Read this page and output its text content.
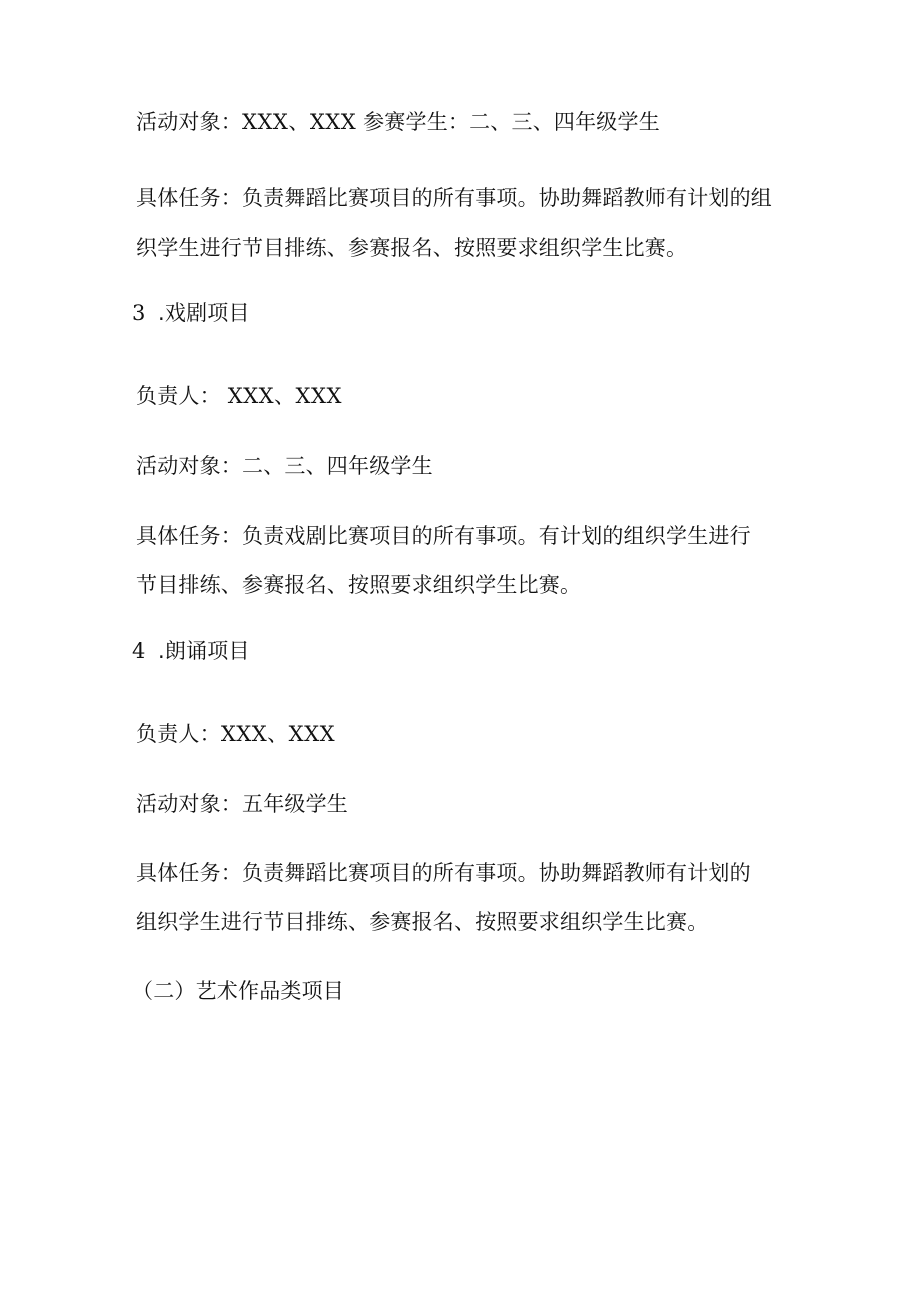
活动对象：XXX、XXX 参赛学生：二、三、四年级学生
具体任务：负责舞蹈比赛项目的所有事项。协助舞蹈教师有计划的组
织学生进行节目排练、参赛报名、按照要求组织学生比赛。
3 .戏剧项目
负责人： XXX、XXX
活动对象：二、三、四年级学生
具体任务：负责戏剧比赛项目的所有事项。有计划的组织学生进行
节目排练、参赛报名、按照要求组织学生比赛。
4 .朗诵项目
负责人：XXX、XXX
活动对象：五年级学生
具体任务：负责舞蹈比赛项目的所有事项。协助舞蹈教师有计划的
组织学生进行节目排练、参赛报名、按照要求组织学生比赛。
（二）艺术作品类项目
